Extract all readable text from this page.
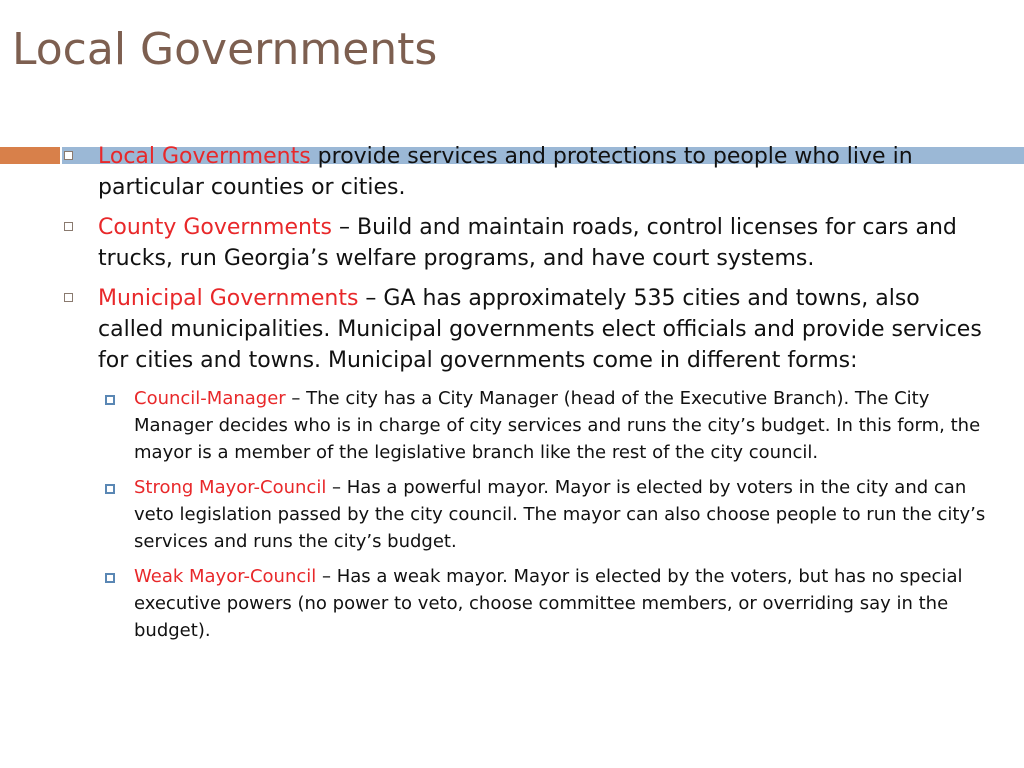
Local Governments
Local Governments provide services and protections to people who live in particular counties or cities.
County Governments – Build and maintain roads, control licenses for cars and trucks, run Georgia’s welfare programs, and have court systems.
Municipal Governments – GA has approximately 535 cities and towns, also called municipalities. Municipal governments elect officials and provide services for cities and towns. Municipal governments come in different forms:
Council-Manager – The city has a City Manager (head of the Executive Branch). The City Manager decides who is in charge of city services and runs the city’s budget. In this form, the mayor is a member of the legislative branch like the rest of the city council.
Strong Mayor-Council – Has a powerful mayor. Mayor is elected by voters in the city and can veto legislation passed by the city council. The mayor can also choose people to run the city’s services and runs the city’s budget.
Weak Mayor-Council – Has a weak mayor. Mayor is elected by the voters, but has no special executive powers (no power to veto, choose committee members, or overriding say in the budget).
